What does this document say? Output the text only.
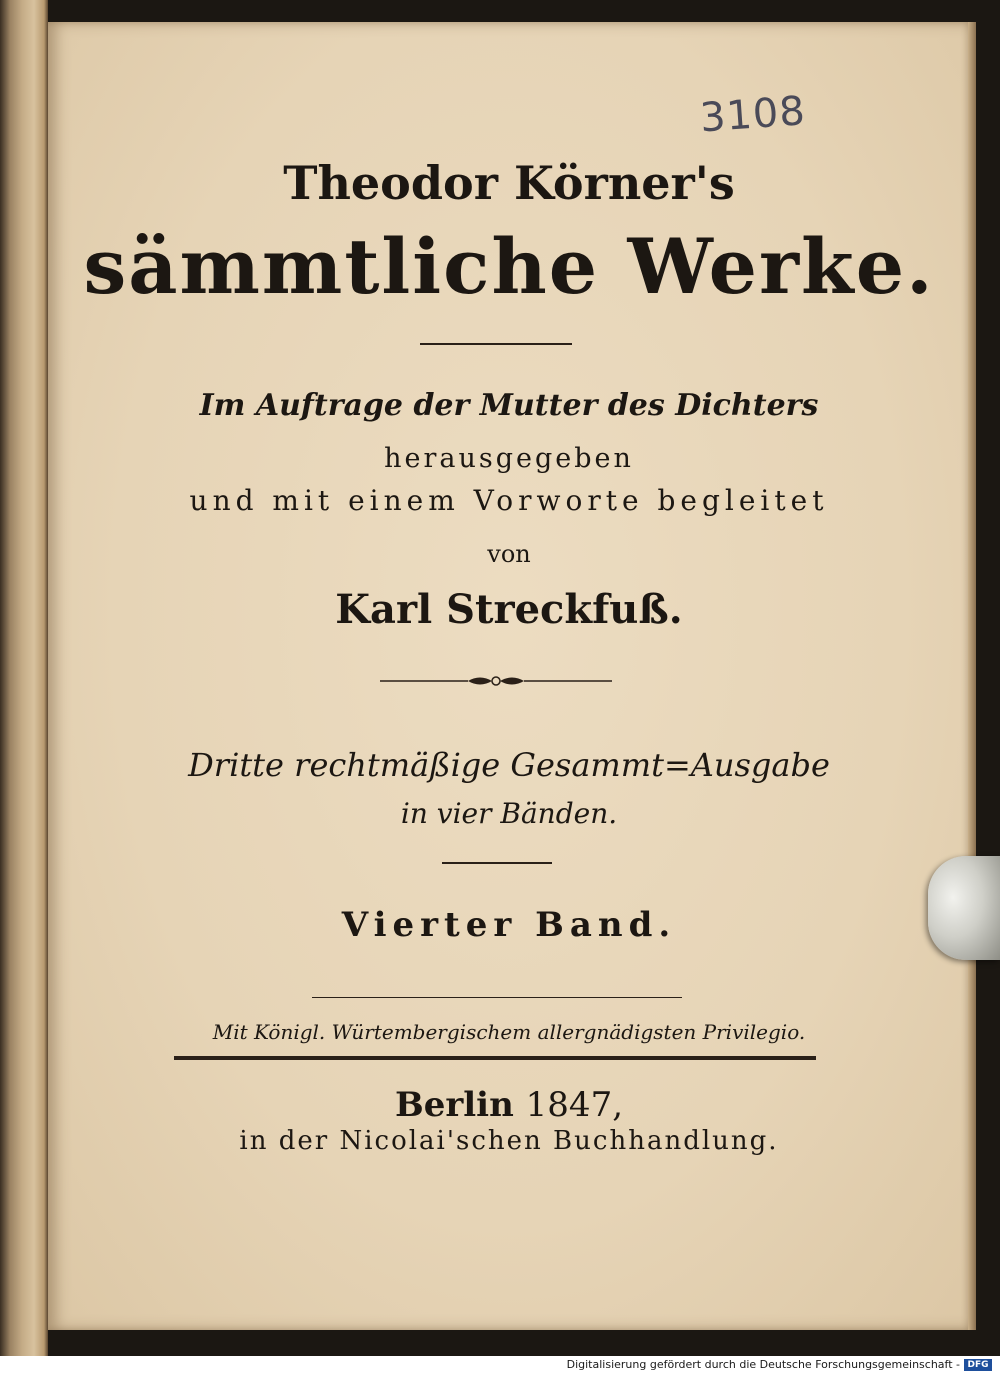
3108
Theodor Körner's
sämmtliche Werke.
Im Auftrage der Mutter des Dichters
herausgegeben
und mit einem Vorworte begleitet
von
Karl Streckfuß.
Dritte rechtmäßige Gesammt=Ausgabe
in vier Bänden.
Vierter Band.
Mit Königl. Würtembergischem allergnädigsten Privilegio.
Berlin 1847,
in der Nicolai'schen Buchhandlung.
Digitalisierung gefördert durch die Deutsche Forschungsgemeinschaft - DFG
